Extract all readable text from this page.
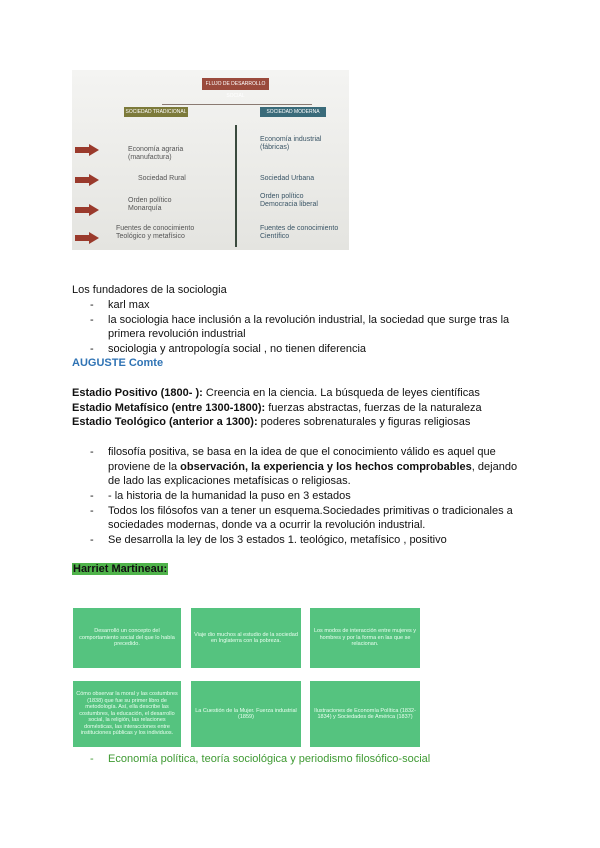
FLUJO DE DESARROLLO SOCIAL
SOCIEDAD TRADICIONAL	SOCIEDAD MODERNA
Economía agraria (manufactura)
Economía industrial (fábricas)
Sociedad Rural	Sociedad Urbana
Orden político Monarquía
Orden político Democracia liberal
Fuentes de conocimiento Teológico y metafísico
Fuentes de conocimiento Científico
Los fundadores de la sociologia
- karl max
- la sociologia hace inclusión a la revolución industrial, la sociedad que surge tras la
primera revolución industrial
- sociologia y antropología social , no tienen diferencia
AUGUSTE Comte
Estadio Positivo (1800- ): Creencia en la ciencia. La búsqueda de leyes científicas
Estadio Metafísico (entre 1300-1800): fuerzas abstractas, fuerzas de la naturaleza
Estadio Teológico (anterior a 1300): poderes sobrenaturales y figuras religiosas
- filosofía positiva, se basa en la idea de que el conocimiento válido es aquel que
proviene de la observación, la experiencia y los hechos comprobables, dejando
de lado las explicaciones metafísicas o religiosas.
- - la historia de la humanidad la puso en 3 estados
- Todos los filósofos van a tener un esquema.Sociedades primitivas o tradicionales a
sociedades modernas, donde va a ocurrir la revolución industrial.
- Se desarrolla la ley de los 3 estados 1. teológico, metafísico , positivo
Harriet Martineau:
Desarrolló un concepto del comportamiento social del que lo había precedido.
Viaje dio muchos al estudio de la sociedad en Inglaterra con la pobreza.
Los modos de interacción entre mujeres y hombres y por la forma en las que se relacionan.
Cómo observar la moral y las costumbres (1838) que fue su primer libro de metodología. Así, ella describe las costumbres, la educación, el desarrollo social, la religión, las relaciones domésticas, las interacciones entre instituciones públicas y los individuos.
La Cuestión de la Mujer. Fuerza industrial (1859)
Ilustraciones de Economía Política (1832-1834) y Sociedades de América (1837)
- Economía política, teoría sociológica y periodismo filosófico-social
